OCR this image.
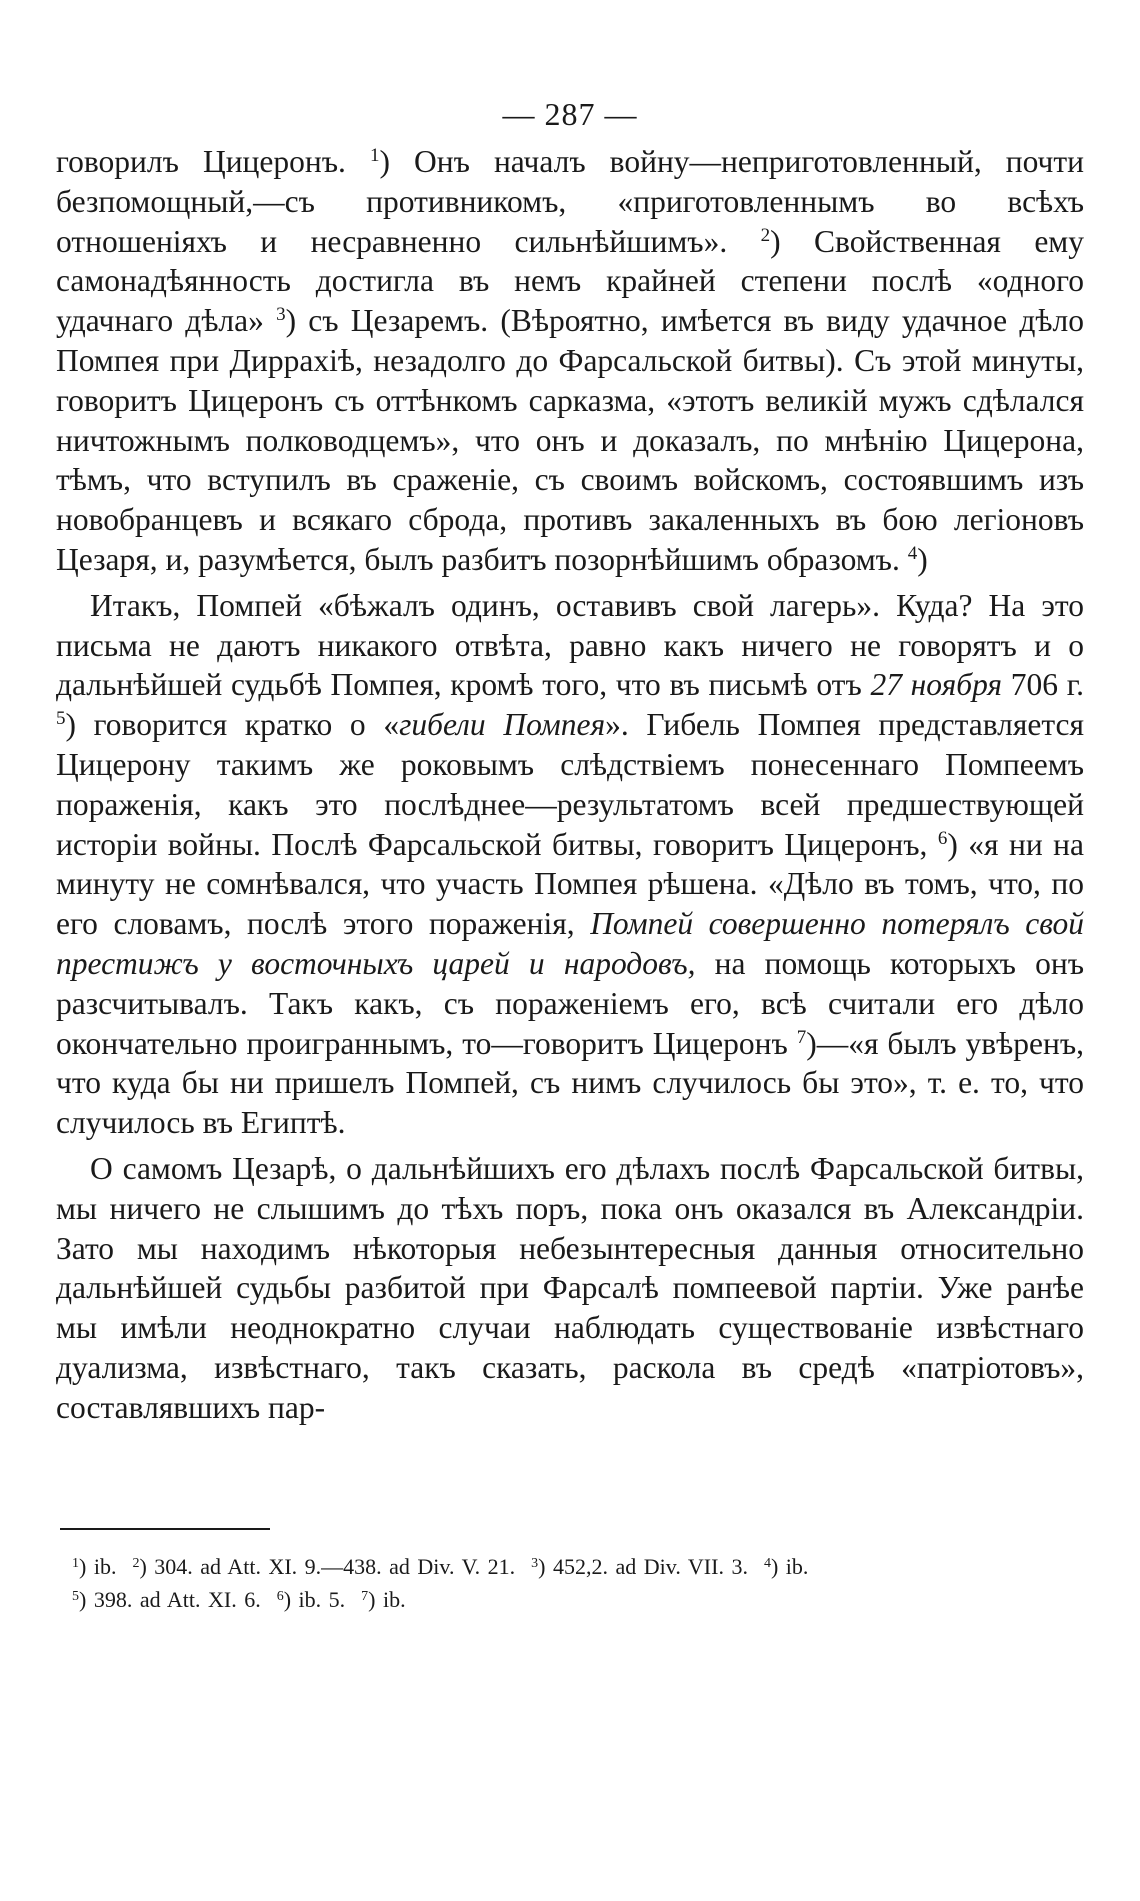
— 287 —

говорилъ Цицеронъ. $^1$) Онъ началъ войну—неприготовленный, почти безпомощный,—съ противникомъ, «приготовленнымъ во всѣхъ отношеніяхъ и несравненно сильнѣйшимъ». $^2$) Свойственная ему самонадѣянность достигла въ немъ крайней степени послѣ «одного удачнаго дѣла» $^3$) съ Цезаремъ. (Вѣроятно, имѣется въ виду удачное дѣло Помпея при Диррахіѣ, незадолго до Фарсальской битвы). Съ этой минуты, говоритъ Цицеронъ съ оттѣнкомъ сарказма, «этотъ великій мужъ сдѣлался ничтожнымъ полководцемъ», что онъ и доказалъ, по мнѣнію Цицерона, тѣмъ, что вступилъ въ сраженіе, съ своимъ войскомъ, состоявшимъ изъ новобранцевъ и всякаго сброда, противъ закаленныхъ въ бою легіоновъ Цезаря, и, разумѣется, былъ разбитъ позорнѣйшимъ образомъ. $^4$)

Итакъ, Помпей «бѣжалъ одинъ, оставивъ свой лагерь». Куда? На это письма не даютъ никакого отвѣта, равно какъ ничего не говорятъ и о дальнѣйшей судьбѣ Помпея, кромѣ того, что въ письмѣ отъ 27 ноября 706 г. $^5$) говорится кратко о «гибели Помпея». Гибель Помпея представляется Цицерону такимъ же роковымъ слѣдствіемъ понесеннаго Помпеемъ пораженія, какъ это послѣднее—результатомъ всей предшествующей исторіи войны. Послѣ Фарсальской битвы, говоритъ Цицеронъ, $^6$) «я ни на минуту не сомнѣвался, что участь Помпея рѣшена. «Дѣло въ томъ, что, по его словамъ, послѣ этого пораженія, Помпей совершенно потерялъ свой престижъ у восточныхъ царей и народовъ, на помощь которыхъ онъ разсчитывалъ. Такъ какъ, съ пораженіемъ его, всѣ считали его дѣло окончательно проиграннымъ, то—говоритъ Цицеронъ $^7$)—«я былъ увѣренъ, что куда бы ни пришелъ Помпей, съ нимъ случилось бы это», т. е. то, что случилось въ Египтѣ.

О самомъ Цезарѣ, о дальнѣйшихъ его дѣлахъ послѣ Фарсальской битвы, мы ничего не слышимъ до тѣхъ поръ, пока онъ оказался въ Александріи. Зато мы находимъ нѣкоторыя небезынтересныя данныя относительно дальнѣйшей судьбы разбитой при Фарсалѣ помпеевой партіи. Уже ранѣе мы имѣли неоднократно случаи наблюдать существованіе извѣстнаго дуализма, извѣстнаго, такъ сказать, раскола въ средѣ «патріотовъ», составлявшихъ пар-

$^1$) ib. $^2$) 304. ad Att. XI. 9.—438. ad Div. V. 21. $^3$) 452,2. ad Div. VII. 3. $^4$) ib.
$^5$) 398. ad Att. XI. 6. $^6$) ib. 5. $^7$) ib.
